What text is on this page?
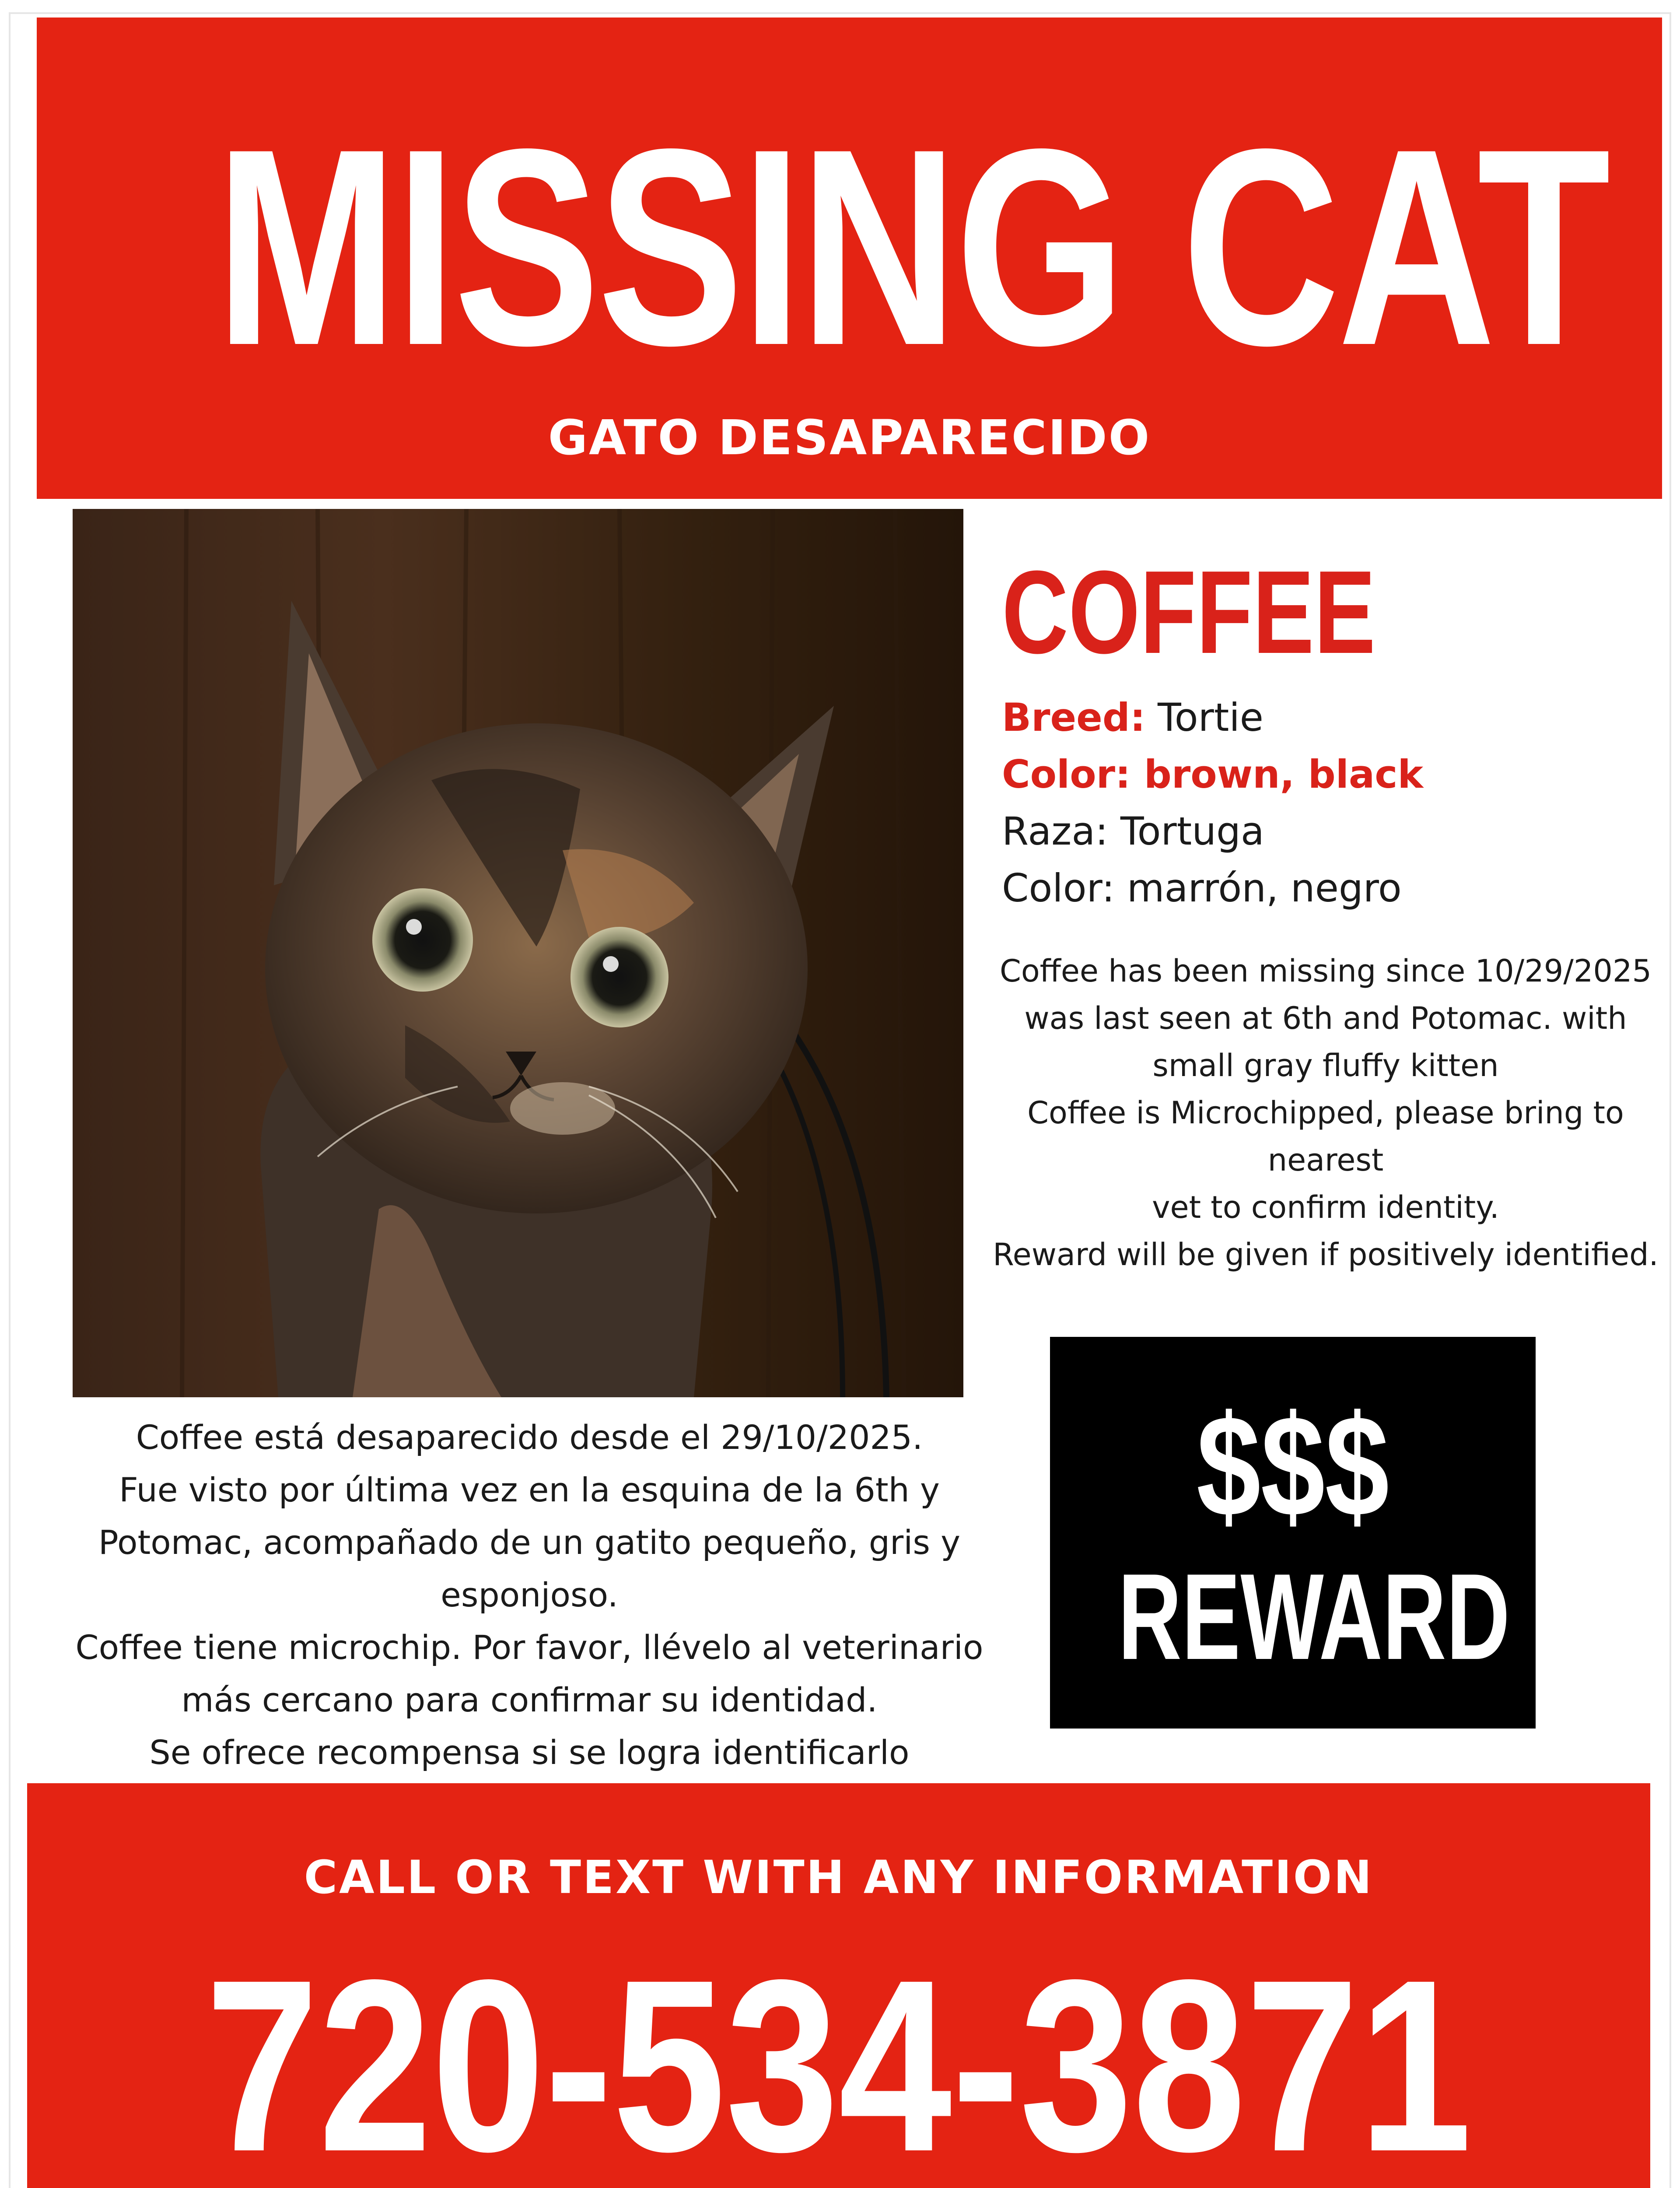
MISSING CAT
GATO DESAPARECIDO
COFFEE
Breed: Tortie
Color: brown, black
Raza: Tortuga
Color: marrón, negro
Coffee has been missing since 10/29/2025
was last seen at 6th and Potomac. with
small gray fluffy kitten
Coffee is Microchipped, please bring to
nearest
vet to confirm identity.
Reward will be given if positively identified.
$$$
REWARD
Coffee está desaparecido desde el 29/10/2025.
Fue visto por última vez en la esquina de la 6th y
Potomac, acompañado de un gatito pequeño, gris y
esponjoso.
Coffee tiene microchip. Por favor, llévelo al veterinario
más cercano para confirmar su identidad.
Se ofrece recompensa si se logra identificarlo
CALL OR TEXT WITH ANY INFORMATION
720-534-3871
